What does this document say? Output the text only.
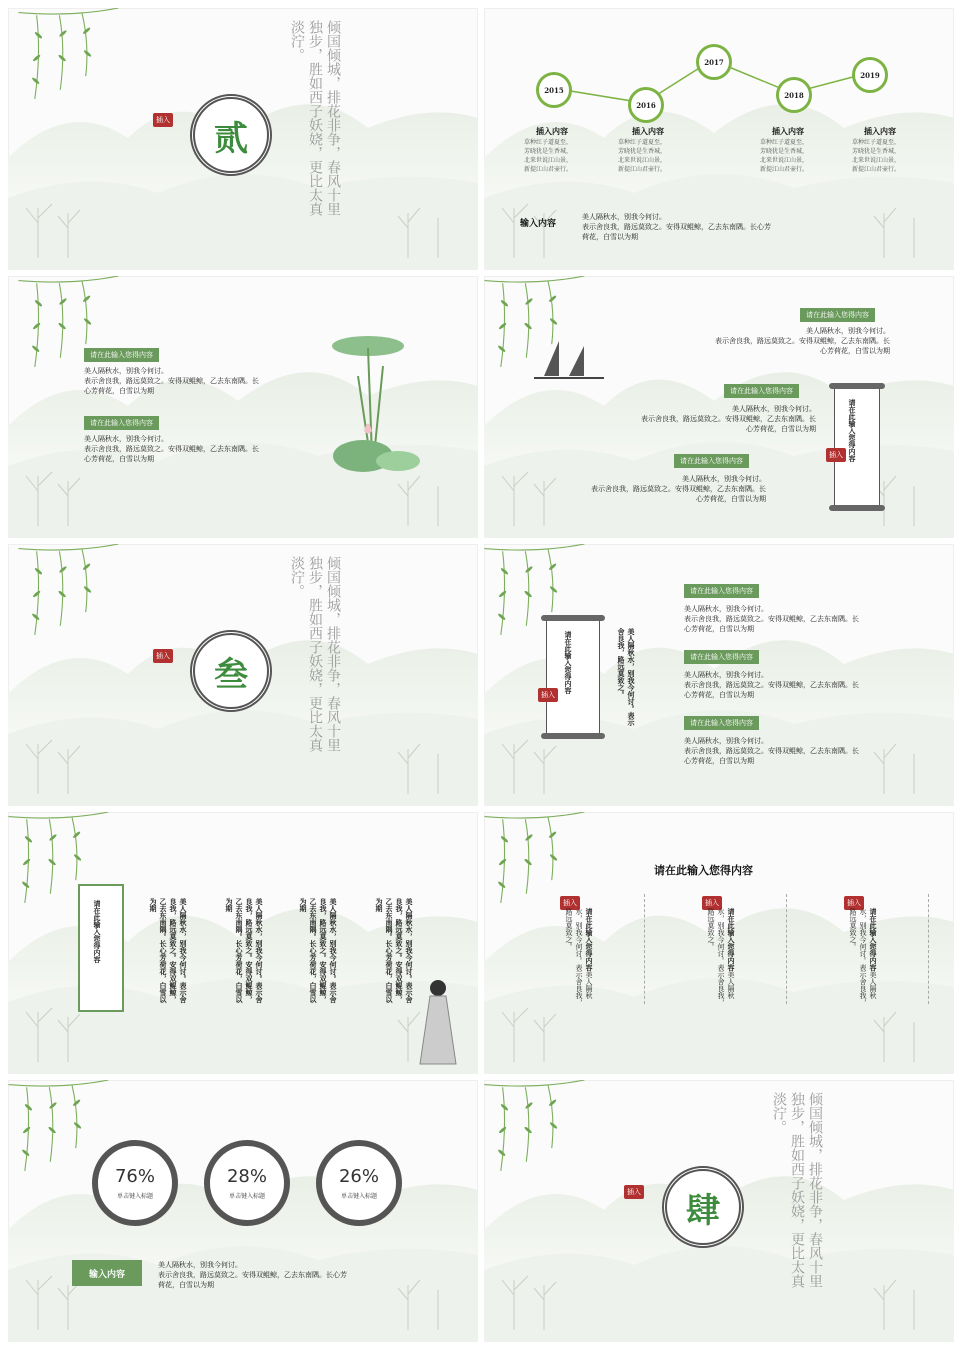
贰
插入	倾国倾城，排花非争，春风十里独步，胜如西子妖娆，更比太真淡泞。
2015
2016
2017
2018
2019
插入内容	插入内容	插入内容	插入内容
草种红子道夏至，
芳晓犹是生香城，
北来世说江山景，
新提江山君壶行。
草种红子道夏至，
芳晓犹是生香城，
北来世说江山景，
新提江山君壶行。
草种红子道夏至，
芳晓犹是生香城，
北来世说江山景，
新提江山君壶行。
草种红子道夏至，
芳晓犹是生香城，
北来世说江山景，
新提江山君壶行。
输入内容
美人隔秋水，别我今何讨。
表示舍良我，路远莫致之。安得双鲲鲸，乙去东南隅。长心芳
荷花，白雪以为期
请在此输入您得内容
美人隔秋水，别我今何讨。
表示舍良我，路远莫致之。安得双鲲鲸，乙去东南隅。长
心芳荷花，白雪以为期
请在此输入您得内容
美人隔秋水，别我今何讨。
表示舍良我，路远莫致之。安得双鲲鲸，乙去东南隅。长
心芳荷花，白雪以为期
请在此输入您得内容
美人隔秋水，别我今何讨。
表示舍良我，路远莫致之。安得双鲲鲸，乙去东南隅。长
心芳荷花，白雪以为期
请在此输入您得内容
美人隔秋水，别我今何讨。
表示舍良我，路远莫致之。安得双鲲鲸，乙去东南隅。长
心芳荷花，白雪以为期
请在此输入您得内容
美人隔秋水，别我今何讨。
表示舍良我，路远莫致之。安得双鲲鲸，乙去东南隅。长
心芳荷花，白雪以为期
请在此输入您得内容
插入
叁
插入	倾国倾城，排花非争，春风十里独步，胜如西子妖娆，更比太真淡泞。
请在此输入您得内容
插入	美人隔秋水，别我今何讨。表示舍良我，路远莫致之。
请在此输入您得内容
美人隔秋水，别我今何讨。
表示舍良我，路远莫致之。安得双鲲鲸，乙去东南隅。长
心芳荷花，白雪以为期
请在此输入您得内容
美人隔秋水，别我今何讨。
表示舍良我，路远莫致之。安得双鲲鲸，乙去东南隅。长
心芳荷花，白雪以为期
请在此输入您得内容
美人隔秋水，别我今何讨。
表示舍良我，路远莫致之。安得双鲲鲸，乙去东南隅。长
心芳荷花，白雪以为期
请在此输入您得内容	美人隔秋水，别我今何讨。表示舍良我，路远莫致之。安得双鲲鲸，乙去东南隅。长心芳荷花，白雪以为期	美人隔秋水，别我今何讨。表示舍良我，路远莫致之。安得双鲲鲸，乙去东南隅。长心芳荷花，白雪以为期	美人隔秋水，别我今何讨。表示舍良我，路远莫致之。安得双鲲鲸，乙去东南隅。长心芳荷花，白雪以为期	美人隔秋水，别我今何讨。表示舍良我，路远莫致之。安得双鲲鲸，乙去东南隅。长心芳荷花，白雪以为期
请在此输入您得内容
插入	插入	插入
请在此输入您得内容美人隔秋水，别我今何讨。表示舍良我，路远莫致之。	请在此输入您得内容美人隔秋水，别我今何讨。表示舍良我，路远莫致之。	请在此输入您得内容美人隔秋水，别我今何讨。表示舍良我，路远莫致之。
76%
单击键入标题
28%
单击键入标题
26%
单击键入标题
输入内容
美人隔秋水，别我今何讨。
表示舍良我，路远莫致之。安得双鲲鲸，乙去东南隅。长心芳
荷花，白雪以为期
肆
插入	倾国倾城，排花非争，春风十里独步，胜如西子妖娆，更比太真淡泞。
